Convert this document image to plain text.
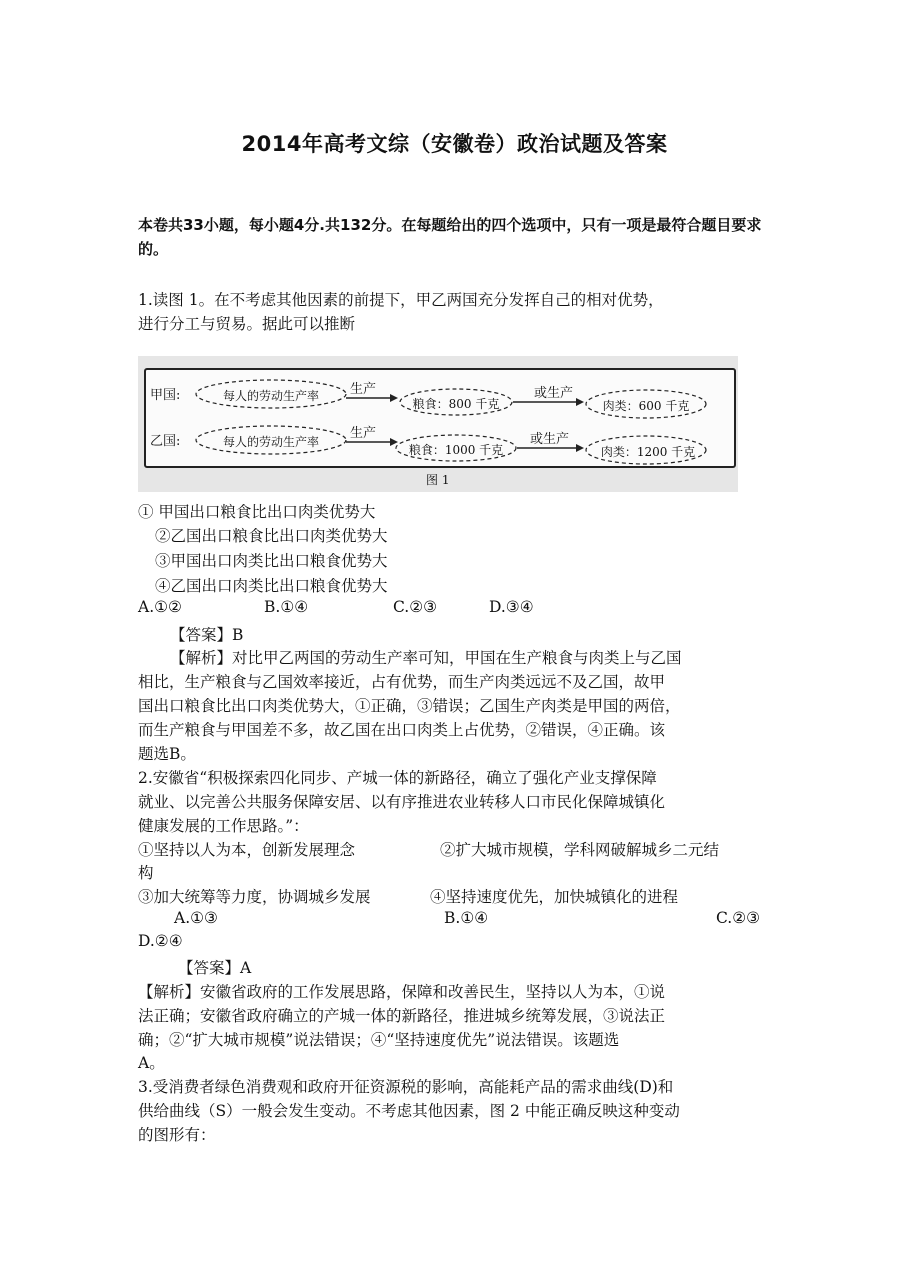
2014年高考文综（安徽卷）政治试题及答案
本卷共33小题，每小题4分.共132分。在每题给出的四个选项中，只有一项是最符合题目要求的。
1.读图 1。在不考虑其他因素的前提下，甲乙两国充分发挥自己的相对优势，
进行分工与贸易。据此可以推断
甲国:
乙国:
每人的劳动生产率
每人的劳动生产率
生产
生产
粮食：800 千克
粮食：1000 千克
或生产
或生产
肉类：600 千克
肉类：1200 千克
图 1
① 甲国出口粮食比出口肉类优势大
②乙国出口粮食比出口肉类优势大
③甲国出口肉类比出口粮食优势大
④乙国出口肉类比出口粮食优势大
A.①②	B.①④	C.②③	D.③④
【答案】B
【解析】对比甲乙两国的劳动生产率可知，甲国在生产粮食与肉类上与乙国
相比，生产粮食与乙国效率接近，占有优势，而生产肉类远远不及乙国，故甲
国出口粮食比出口肉类优势大，①正确，③错误；乙国生产肉类是甲国的两倍，
而生产粮食与甲国差不多，故乙国在出口肉类上占优势，②错误，④正确。该
题选B。
2.安徽省“积极探索四化同步、产城一体的新路径，确立了强化产业支撑保障
就业、以完善公共服务保障安居、以有序推进农业转移人口市民化保障城镇化
健康发展的工作思路。”：
①坚持以人为本，创新发展理念	②扩大城市规模，学科网破解城乡二元结
构
③加大统筹等力度，协调城乡发展	④坚持速度优先，加快城镇化的进程
A.①③	B.①④	C.②③
D.②④
【答案】A
【解析】安徽省政府的工作发展思路，保障和改善民生，坚持以人为本，①说
法正确；安徽省政府确立的产城一体的新路径，推进城乡统筹发展，③说法正
确；②“扩大城市规模”说法错误；④“坚持速度优先”说法错误。该题选
A。
3.受消费者绿色消费观和政府开征资源税的影响，高能耗产品的需求曲线(D)和
供给曲线（S）一般会发生变动。不考虑其他因素，图 2 中能正确反映这种变动
的图形有：
